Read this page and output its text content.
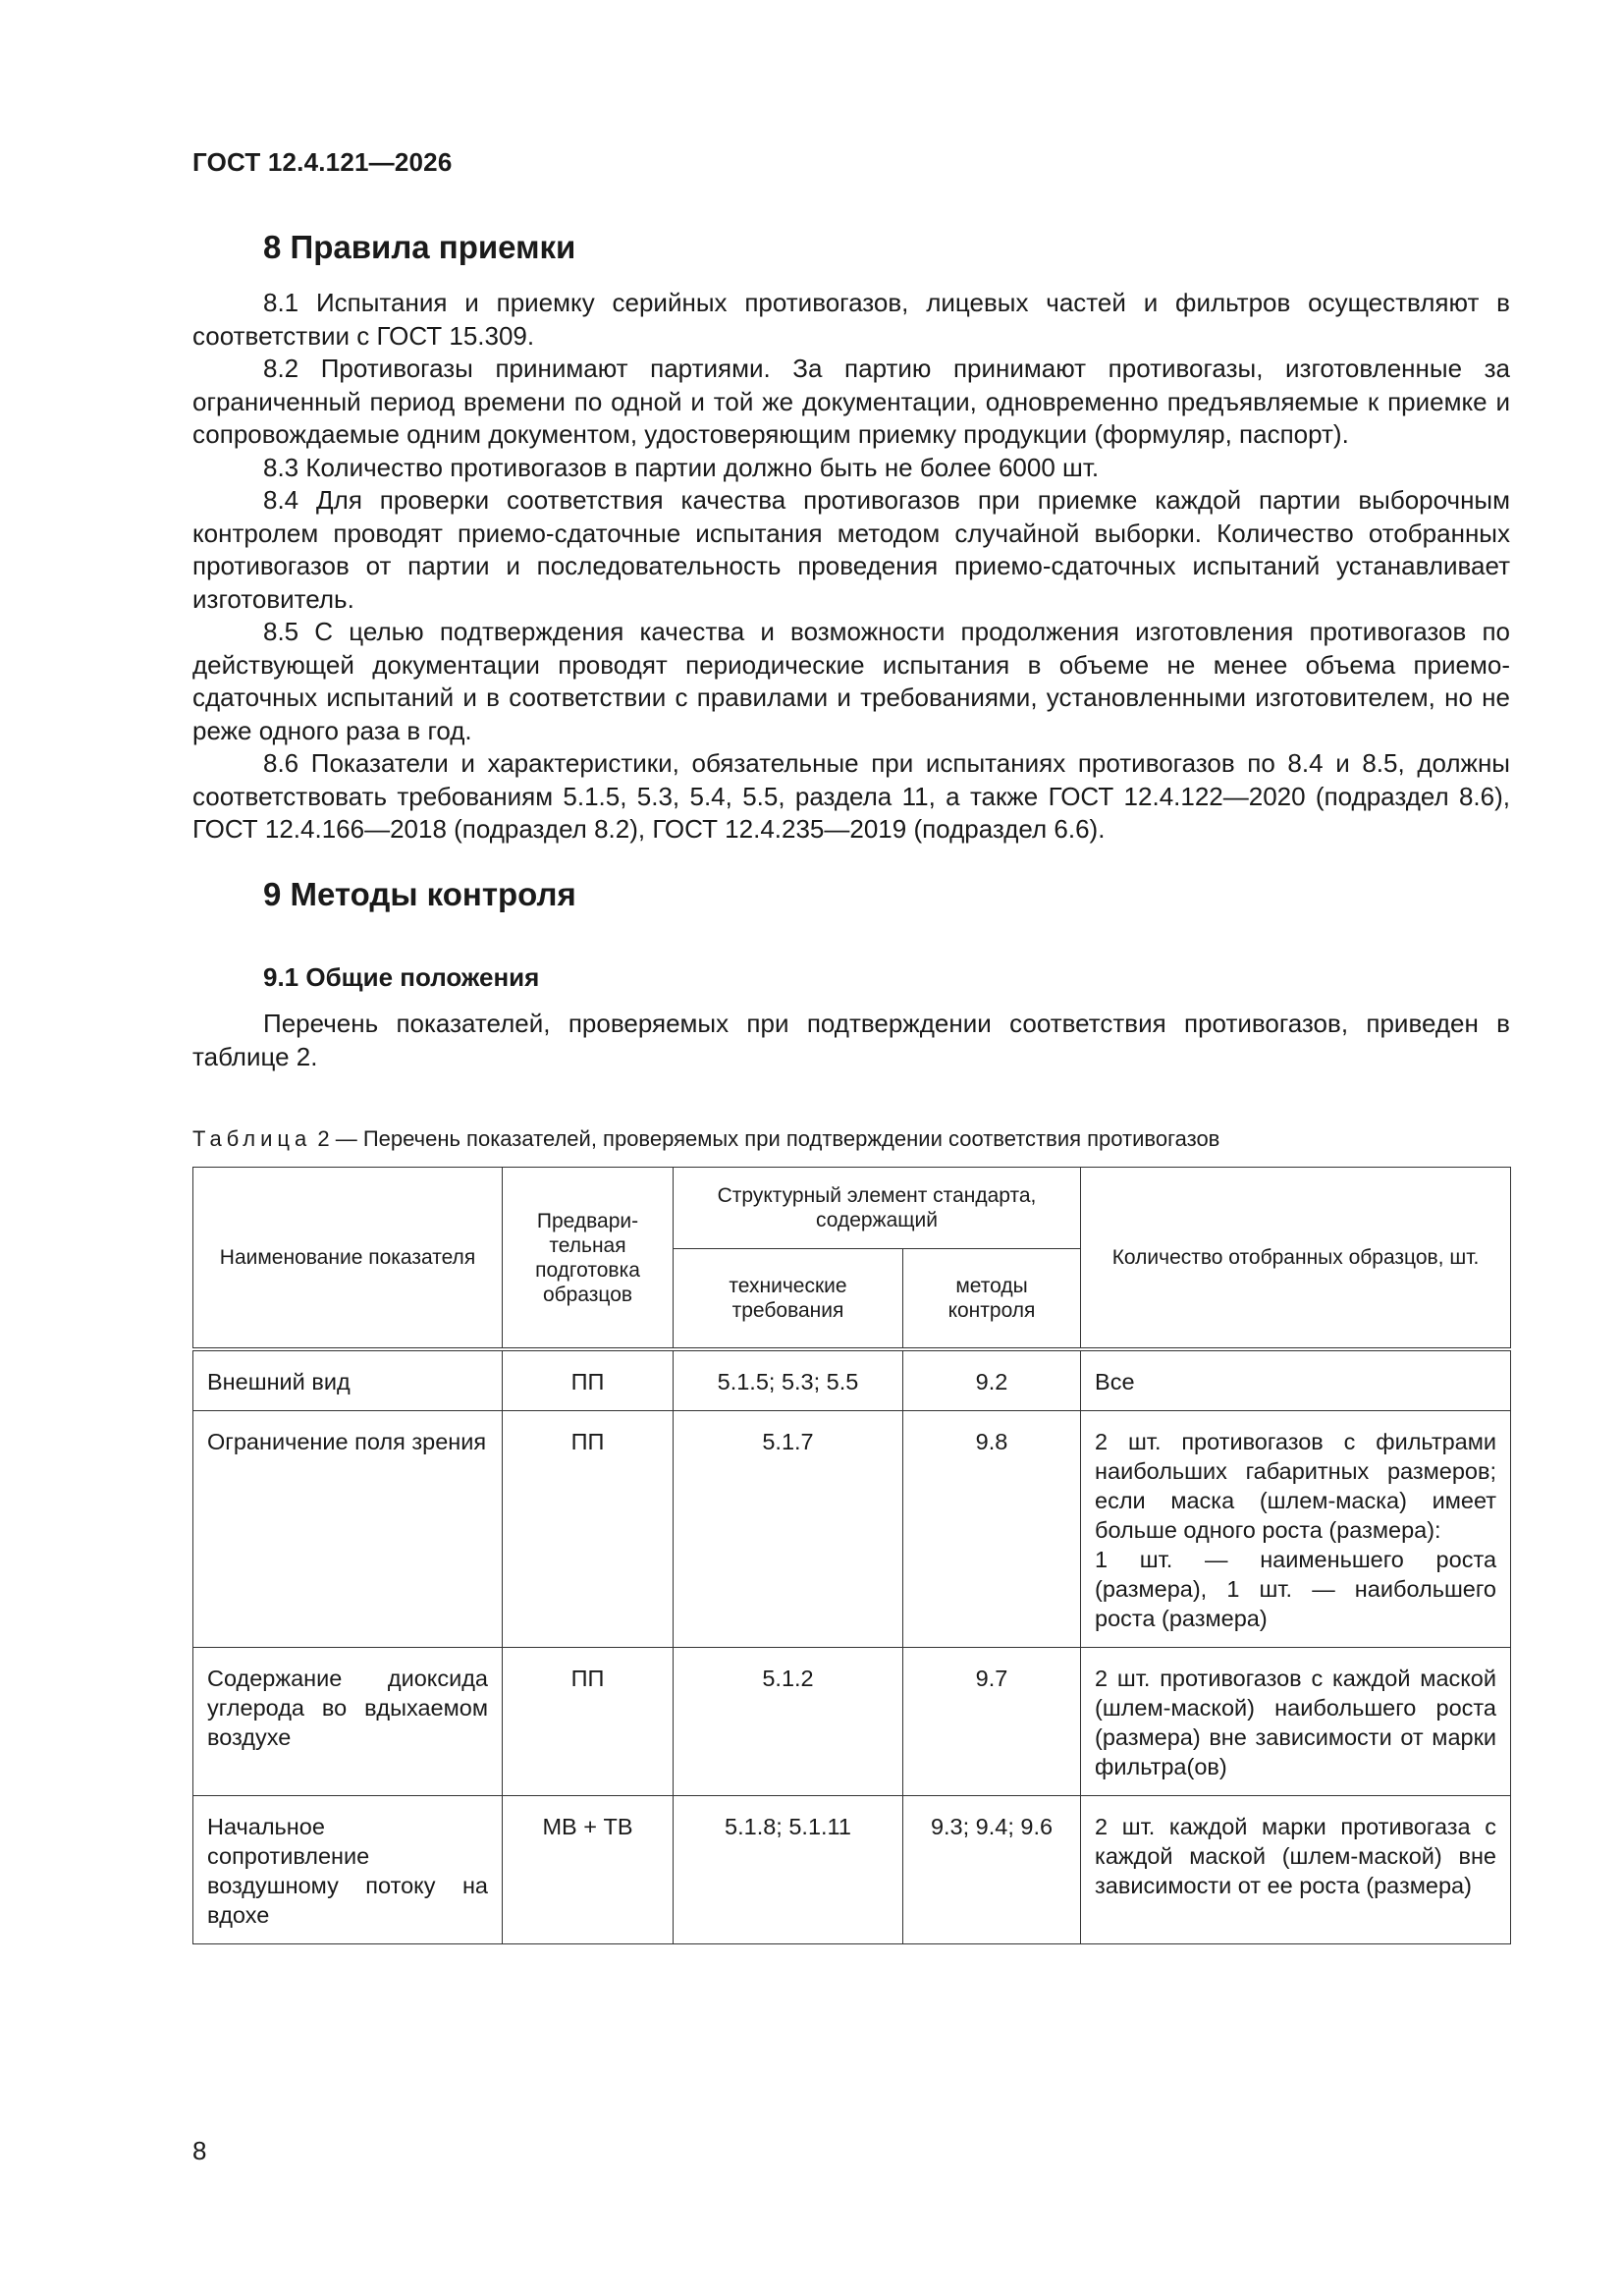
ГОСТ 12.4.121—2026
8 Правила приемки

8.1 Испытания и приемку серийных противогазов, лицевых частей и фильтров осуществляют в соответствии с ГОСТ 15.309.

8.2 Противогазы принимают партиями. За партию принимают противогазы, изготовленные за ограниченный период времени по одной и той же документации, одновременно предъявляемые к приемке и сопровождаемые одним документом, удостоверяющим приемку продукции (формуляр, паспорт).

8.3 Количество противогазов в партии должно быть не более 6000 шт.

8.4 Для проверки соответствия качества противогазов при приемке каждой партии выборочным контролем проводят приемо-сдаточные испытания методом случайной выборки. Количество отобранных противогазов от партии и последовательность проведения приемо-сдаточных испытаний устанавливает изготовитель.

8.5 С целью подтверждения качества и возможности продолжения изготовления противогазов по действующей документации проводят периодические испытания в объеме не менее объема приемо-сдаточных испытаний и в соответствии с правилами и требованиями, установленными изготовителем, но не реже одного раза в год.

8.6 Показатели и характеристики, обязательные при испытаниях противогазов по 8.4 и 8.5, должны соответствовать требованиям 5.1.5, 5.3, 5.4, 5.5, раздела 11, а также ГОСТ 12.4.122—2020 (подраздел 8.6), ГОСТ 12.4.166—2018 (подраздел 8.2), ГОСТ 12.4.235—2019 (подраздел 6.6).

9 Методы контроля
9.1 Общие положения

Перечень показателей, проверяемых при подтверждении соответствия противогазов, приведен в таблице 2.

Таблица 2 — Перечень показателей, проверяемых при подтверждении соответствия противогазов
Наименование показателя	Предвари-тельная подготовка образцов	Структурный элемент стандарта, содержащий		Количество отобранных образцов, шт.
		технические требования	методы контроля	
Внешний вид	ПП	5.1.5; 5.3; 5.5	9.2	Все
Ограничение поля зрения	ПП	5.1.7	9.8	2 шт. противогазов с фильтрами наибольших габаритных размеров; если маска (шлем-маска) имеет больше одного роста (размера):
1 шт. — наименьшего роста (размера), 1 шт. — наибольшего роста (размера)

Содержание диоксида углерода во вдыхаемом воздухе	ПП	5.1.2	9.7	2 шт. противогазов с каждой маской (шлем-маской) наибольшего роста (размера) вне зависимости от марки фильтра(ов)
Начальное сопротивление воздушному потоку на вдохе	МВ + ТВ	5.1.8; 5.1.11	9.3; 9.4; 9.6	2 шт. каждой марки противогаза с каждой маской (шлем-маской) вне зависимости от ее роста (размера)
8
